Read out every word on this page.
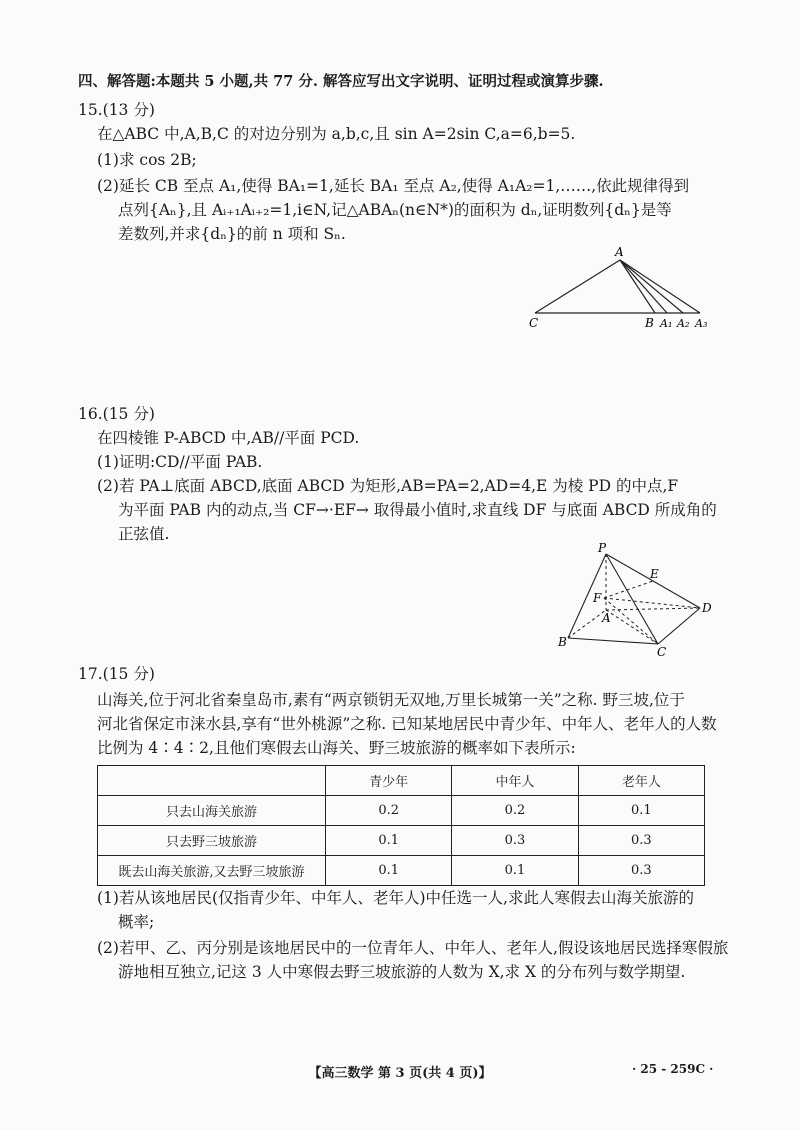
四、解答题:本题共 5 小题,共 77 分. 解答应写出文字说明、证明过程或演算步骤.
15.(13 分)
在△ABC 中,A,B,C 的对边分别为 a,b,c,且 sin A=2sin C,a=6,b=5.
(1)求 cos 2B;
(2)延长 CB 至点 A₁,使得 BA₁=1,延长 BA₁ 至点 A₂,使得 A₁A₂=1,……,依此规律得到
点列{Aₙ},且 Aᵢ₊₁Aᵢ₊₂=1,i∈N,记△ABAₙ(n∈N*)的面积为 dₙ,证明数列{dₙ}是等
差数列,并求{dₙ}的前 n 项和 Sₙ.
A
C	B A₁ A₂ A₃
16.(15 分)
在四棱锥 P-ABCD 中,AB//平面 PCD.
(1)证明:CD//平面 PAB.
(2)若 PA⊥底面 ABCD,底面 ABCD 为矩形,AB=PA=2,AD=4,E 为棱 PD 的中点,F
为平面 PAB 内的动点,当 CF→·EF→ 取得最小值时,求直线 DF 与底面 ABCD 所成角的
正弦值.
P
E
F
A
B
C
D
17.(15 分)
山海关,位于河北省秦皇岛市,素有“两京锁钥无双地,万里长城第一关”之称. 野三坡,位于
河北省保定市涞水县,享有“世外桃源”之称. 已知某地居民中青少年、中年人、老年人的人数
比例为 4∶4∶2,且他们寒假去山海关、野三坡旅游的概率如下表所示:
	青少年	中年人	老年人
只去山海关旅游	0.2	0.2	0.1
只去野三坡旅游	0.1	0.3	0.3
既去山海关旅游,又去野三坡旅游	0.1	0.1	0.3
(1)若从该地居民(仅指青少年、中年人、老年人)中任选一人,求此人寒假去山海关旅游的
概率;
(2)若甲、乙、丙分别是该地居民中的一位青年人、中年人、老年人,假设该地居民选择寒假旅
游地相互独立,记这 3 人中寒假去野三坡旅游的人数为 X,求 X 的分布列与数学期望.
【高三数学 第 3 页(共 4 页)】	· 25 - 259C ·
